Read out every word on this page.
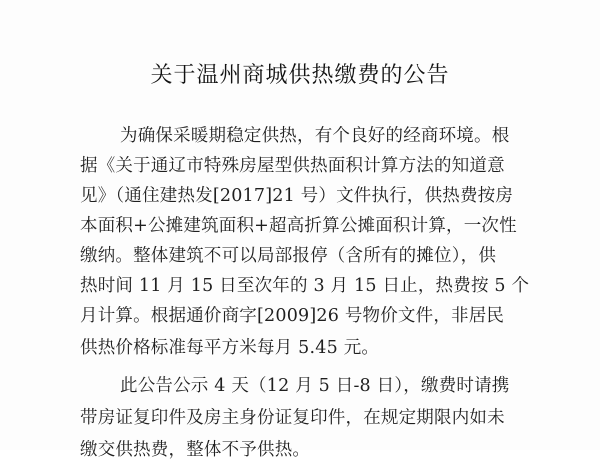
关于温州商城供热缴费的公告
为确保采暖期稳定供热，有个良好的经商环境。根
据《关于通辽市特殊房屋型供热面积计算方法的知道意
见》（通住建热发[2017]21 号）文件执行，供热费按房
本面积+公摊建筑面积+超高折算公摊面积计算，一次性
缴纳。整体建筑不可以局部报停（含所有的摊位），供
热时间 11 月 15 日至次年的 3 月 15 日止，热费按 5 个
月计算。根据通价商字[2009]26 号物价文件，非居民
供热价格标准每平方米每月 5.45 元。
此公告公示 4 天（12 月 5 日-8 日），缴费时请携
带房证复印件及房主身份证复印件，在规定期限内如未
缴交供热费，整体不予供热。
